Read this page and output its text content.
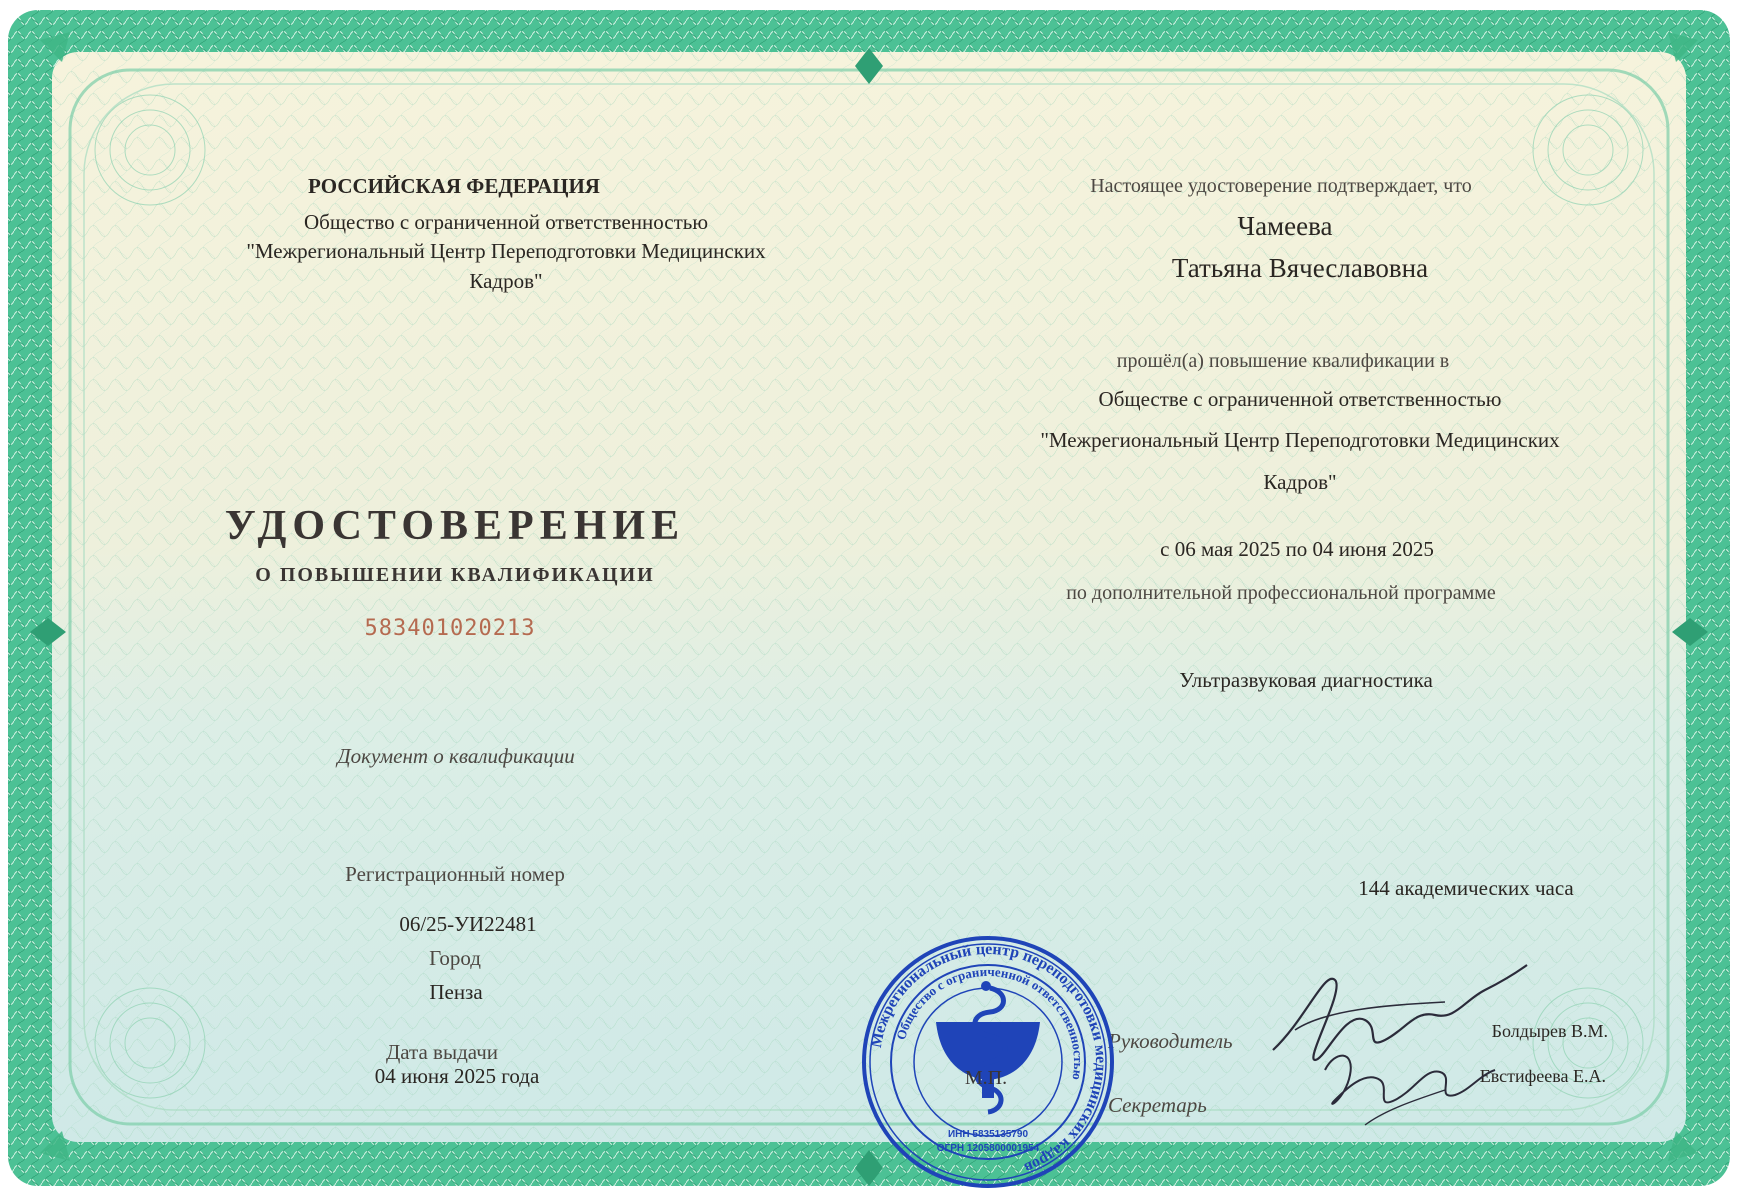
РОССИЙСКАЯ ФЕДЕРАЦИЯ
Общество с ограниченной ответственностью
"Межрегиональный Центр Переподготовки Медицинских
Кадров"
УДОСТОВЕРЕНИЕ
О ПОВЫШЕНИИ КВАЛИФИКАЦИИ
583401020213
Документ о квалификации
Регистрационный номер
06/25-УИ22481
Город
Пенза
Дата выдачи
04 июня 2025 года
Настоящее удостоверение подтверждает, что
Чамеева
Татьяна Вячеславовна
прошёл(а) повышение квалификации в
Обществе с ограниченной ответственностью
"Межрегиональный Центр Переподготовки Медицинских
Кадров"
с 06 мая 2025 по 04 июня 2025
по дополнительной профессиональной программе
Ультразвуковая диагностика
144 академических часа
Руководитель	Болдырев В.М.
Секретарь
Евстифеева Е.А.
Межрегиональный центр переподготовки медицинских кадров
Общество с ограниченной ответственностью
ИНН 5835135790
ОГРН 1205800001954
М.П.
